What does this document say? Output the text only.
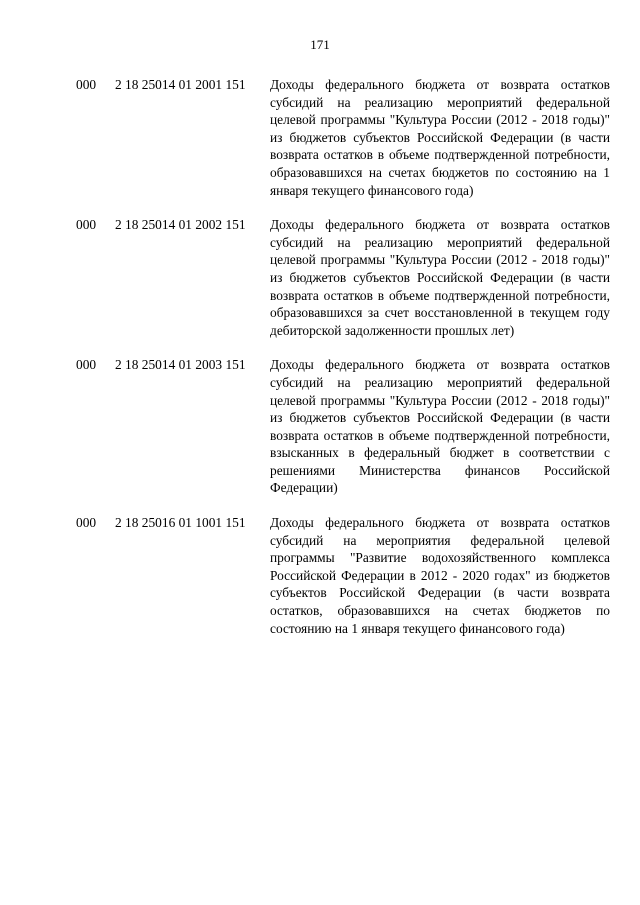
171
000 2 18 25014 01 2001 151 Доходы федерального бюджета от возврата остатков субсидий на реализацию мероприятий федеральной целевой программы "Культура России (2012 - 2018 годы)" из бюджетов субъектов Российской Федерации (в части возврата остатков в объеме подтвержденной потребности, образовавшихся на счетах бюджетов по состоянию на 1 января текущего финансового года)
000 2 18 25014 01 2002 151 Доходы федерального бюджета от возврата остатков субсидий на реализацию мероприятий федеральной целевой программы "Культура России (2012 - 2018 годы)" из бюджетов субъектов Российской Федерации (в части возврата остатков в объеме подтвержденной потребности, образовавшихся за счет восстановленной в текущем году дебиторской задолженности прошлых лет)
000 2 18 25014 01 2003 151 Доходы федерального бюджета от возврата остатков субсидий на реализацию мероприятий федеральной целевой программы "Культура России (2012 - 2018 годы)" из бюджетов субъектов Российской Федерации (в части возврата остатков в объеме подтвержденной потребности, взысканных в федеральный бюджет в соответствии с решениями Министерства финансов Российской Федерации)
000 2 18 25016 01 1001 151 Доходы федерального бюджета от возврата остатков субсидий на мероприятия федеральной целевой программы "Развитие водохозяйственного комплекса Российской Федерации в 2012 - 2020 годах" из бюджетов субъектов Российской Федерации (в части возврата остатков, образовавшихся на счетах бюджетов по состоянию на 1 января текущего финансового года)
